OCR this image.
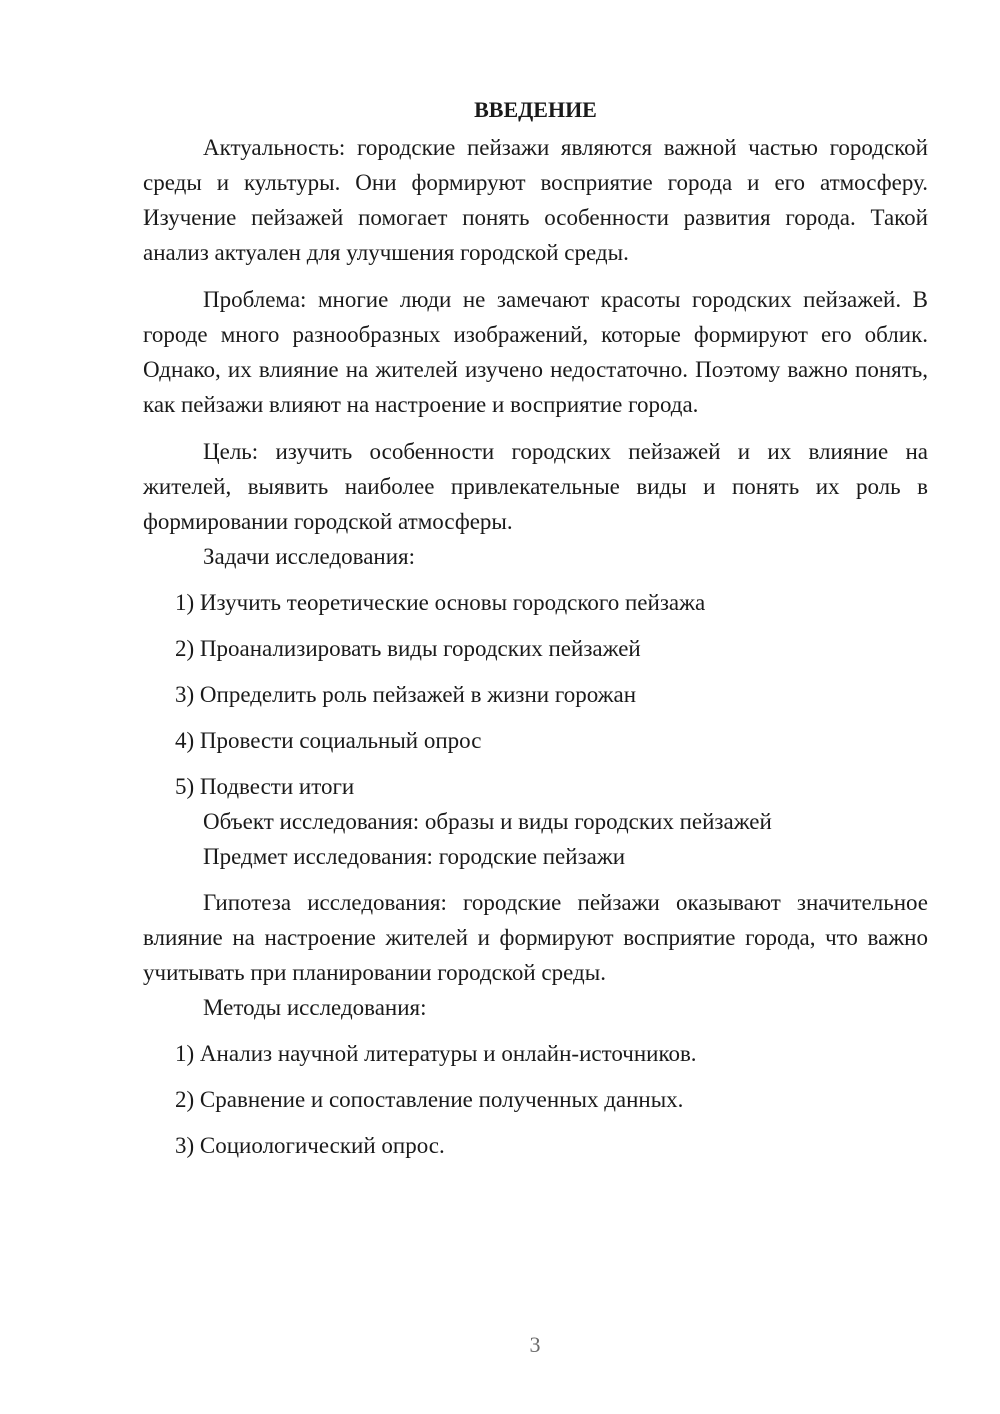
ВВЕДЕНИЕ

Актуальность: городские пейзажи являются важной частью городской среды и культуры. Они формируют восприятие города и его атмосферу. Изучение пейзажей помогает понять особенности развития города. Такой анализ актуален для улучшения городской среды.

Проблема: многие люди не замечают красоты городских пейзажей. В городе много разнообразных изображений, которые формируют его облик. Однако, их влияние на жителей изучено недостаточно. Поэтому важно понять, как пейзажи влияют на настроение и восприятие города.

Цель: изучить особенности городских пейзажей и их влияние на жителей, выявить наиболее привлекательные виды и понять их роль в формировании городской атмосферы.

Задачи исследования:

1) Изучить теоретические основы городского пейзажа

2) Проанализировать виды городских пейзажей

3) Определить роль пейзажей в жизни горожан

4) Провести социальный опрос

5) Подвести итоги

Объект исследования: образы и виды городских пейзажей

Предмет исследования: городские пейзажи

Гипотеза исследования: городские пейзажи оказывают значительное влияние на настроение жителей и формируют восприятие города, что важно учитывать при планировании городской среды.

Методы исследования:

1) Анализ научной литературы и онлайн-источников.

2) Сравнение и сопоставление полученных данных.

3) Социологический опрос.

3
